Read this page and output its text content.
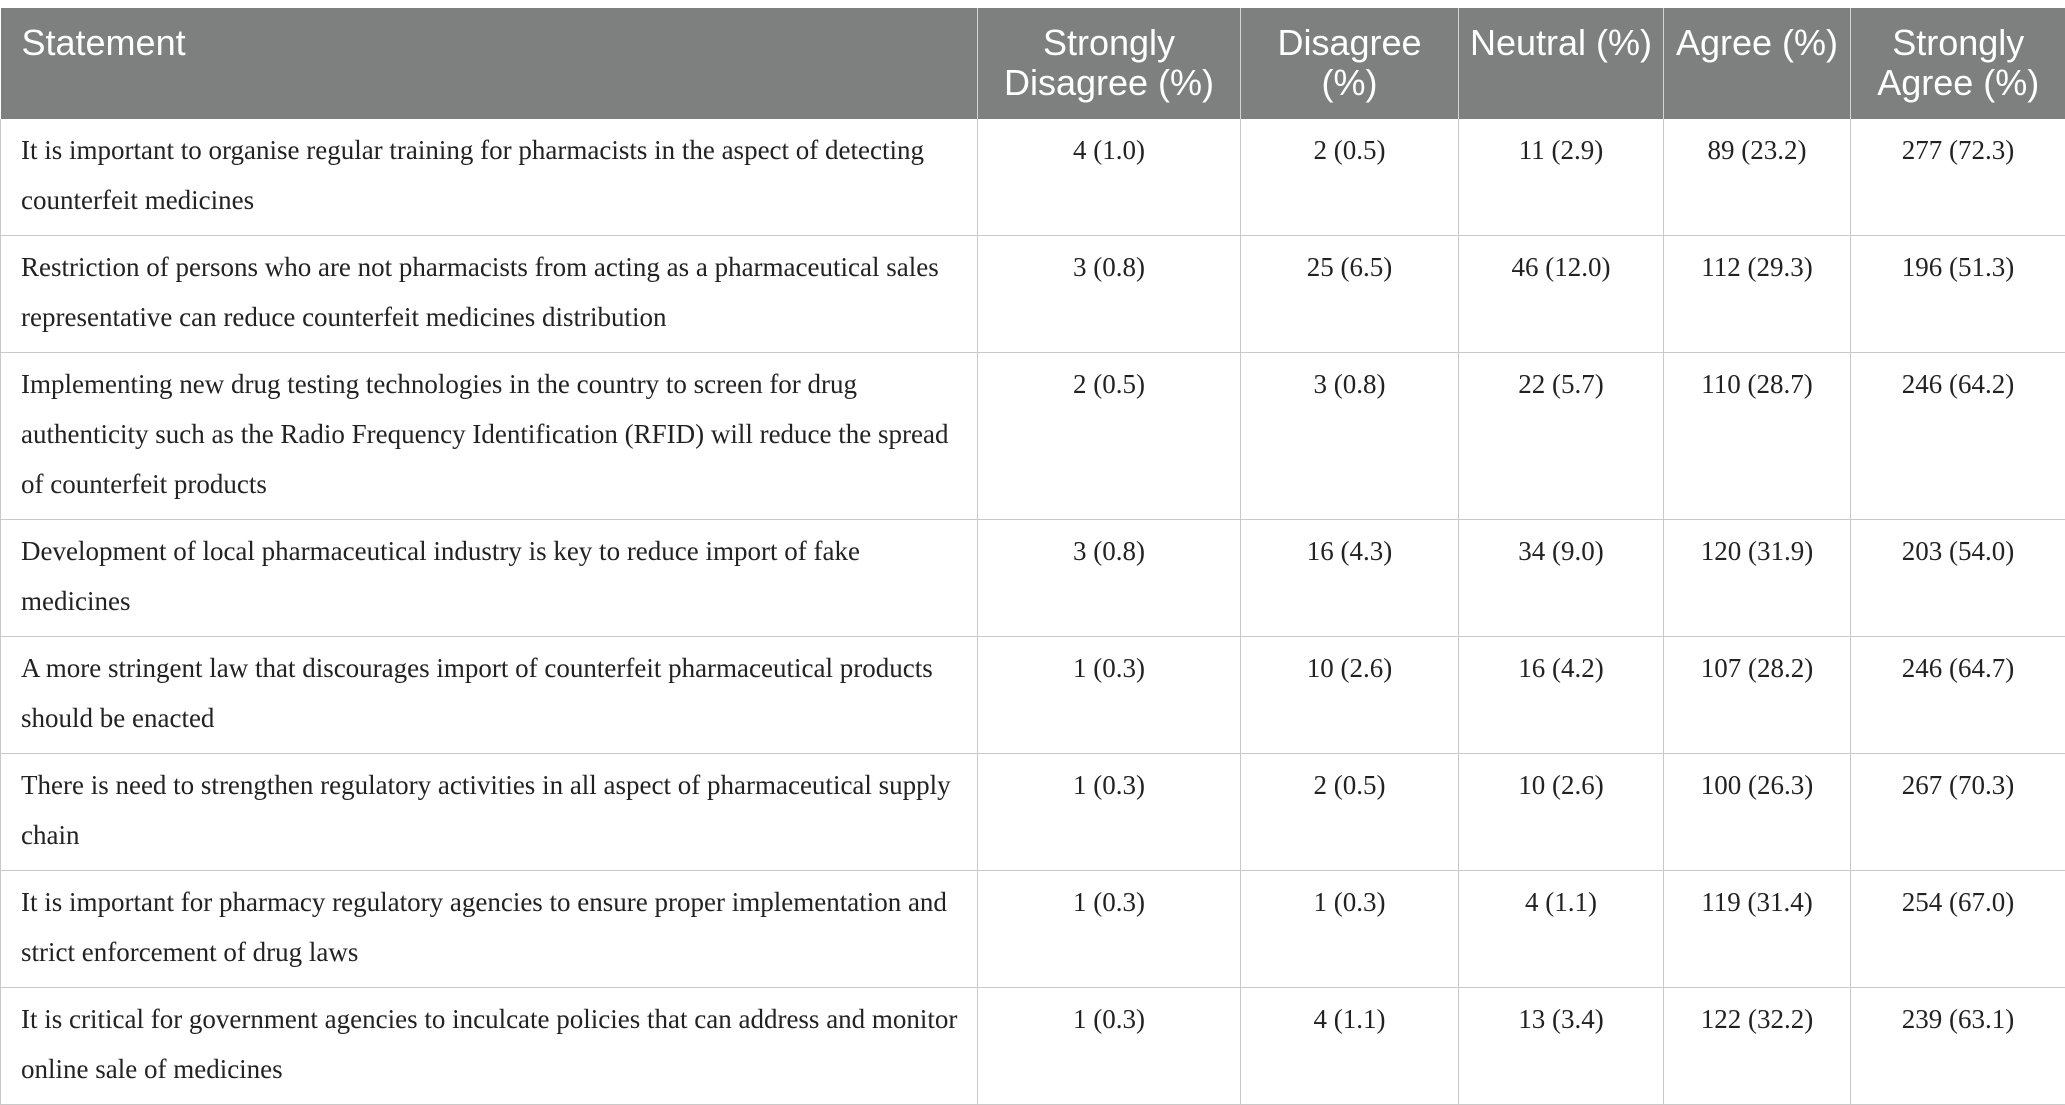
Statement	Strongly Disagree (%)	Disagree (%)	Neutral (%)	Agree (%)	Strongly Agree (%)
It is important to organise regular training for pharmacists in the aspect of detecting counterfeit medicines	4 (1.0)	2 (0.5)	11 (2.9)	89 (23.2)	277 (72.3)
Restriction of persons who are not pharmacists from acting as a pharmaceutical sales representative can reduce counterfeit medicines distribution	3 (0.8)	25 (6.5)	46 (12.0)	112 (29.3)	196 (51.3)
Implementing new drug testing technologies in the country to screen for drug authenticity such as the Radio Frequency Identification (RFID) will reduce the spread of counterfeit products	2 (0.5)	3 (0.8)	22 (5.7)	110 (28.7)	246 (64.2)
Development of local pharmaceutical industry is key to reduce import of fake medicines	3 (0.8)	16 (4.3)	34 (9.0)	120 (31.9)	203 (54.0)
A more stringent law that discourages import of counterfeit pharmaceutical products should be enacted	1 (0.3)	10 (2.6)	16 (4.2)	107 (28.2)	246 (64.7)
There is need to strengthen regulatory activities in all aspect of pharmaceutical supply chain	1 (0.3)	2 (0.5)	10 (2.6)	100 (26.3)	267 (70.3)
It is important for pharmacy regulatory agencies to ensure proper implementation and strict enforcement of drug laws	1 (0.3)	1 (0.3)	4 (1.1)	119 (31.4)	254 (67.0)
It is critical for government agencies to inculcate policies that can address and monitor online sale of medicines	1 (0.3)	4 (1.1)	13 (3.4)	122 (32.2)	239 (63.1)
